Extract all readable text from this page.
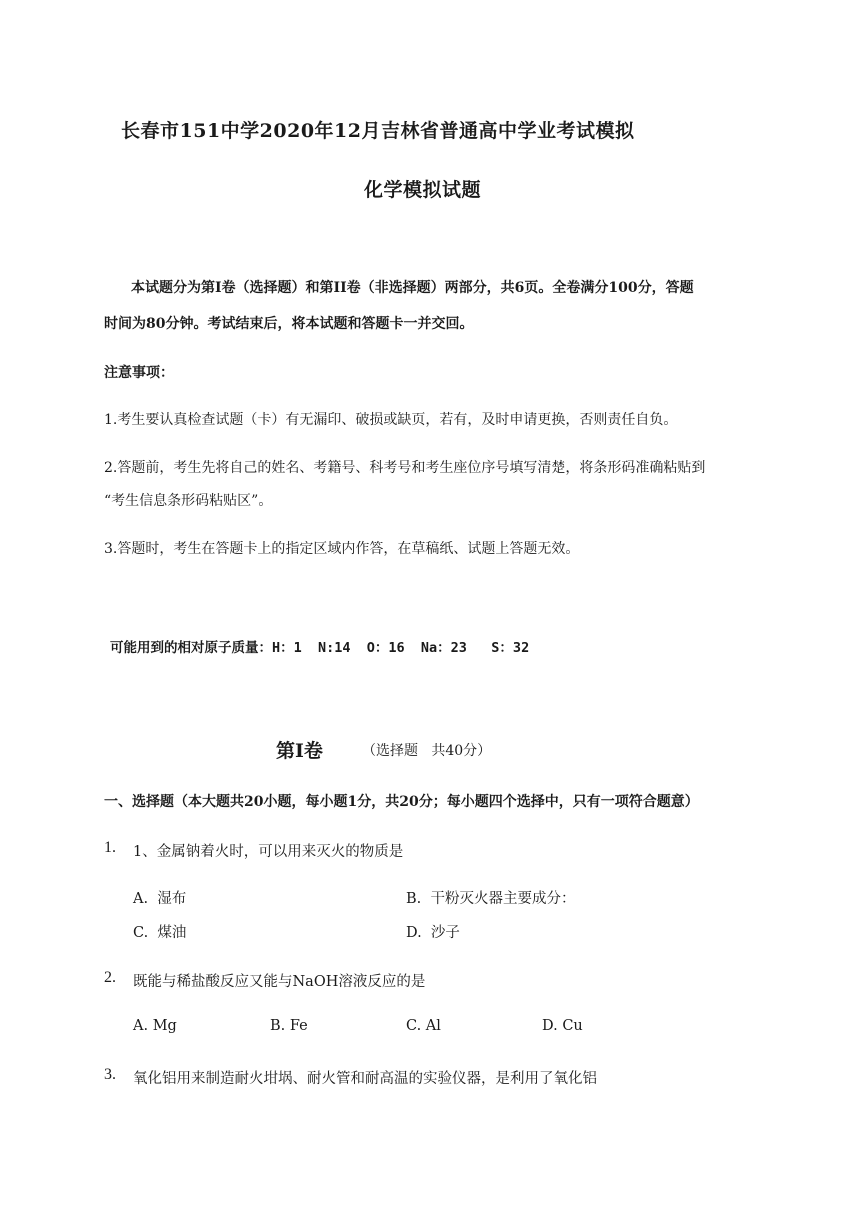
长春市151中学2020年12月吉林省普通高中学业考试模拟
化学模拟试题
本试题分为第Ⅰ卷（选择题）和第II卷（非选择题）两部分，共6页。全卷满分100分，答题
时间为80分钟。考试结束后，将本试题和答题卡一并交回。
注意事项：
1.考生要认真检查试题（卡）有无漏印、破损或缺页，若有，及时申请更换，否则责任自负。
2.答题前，考生先将自己的姓名、考籍号、科考号和考生座位序号填写清楚，将条形码准确粘贴到
“考生信息条形码粘贴区”。
3.答题时，考生在答题卡上的指定区域内作答，在草稿纸、试题上答题无效。
可能用到的相对原子质量：H：1  N:14  O：16  Na：23   S：32
第Ⅰ卷	（选择题   共40分）
一、选择题（本大题共20小题，每小题1分，共20分；每小题四个选择中，只有一项符合题意）
1. 1、金属钠着火时，可以用来灭火的物质是
A.  湿布	B.  干粉灭火器主要成分：
C.  煤油	D.  沙子
2. 既能与稀盐酸反应又能与NaOH溶液反应的是
A. Mg	B. Fe	C. Al	D. Cu
3. 氧化铝用来制造耐火坩埚、耐火管和耐高温的实验仪器，是利用了氧化铝
